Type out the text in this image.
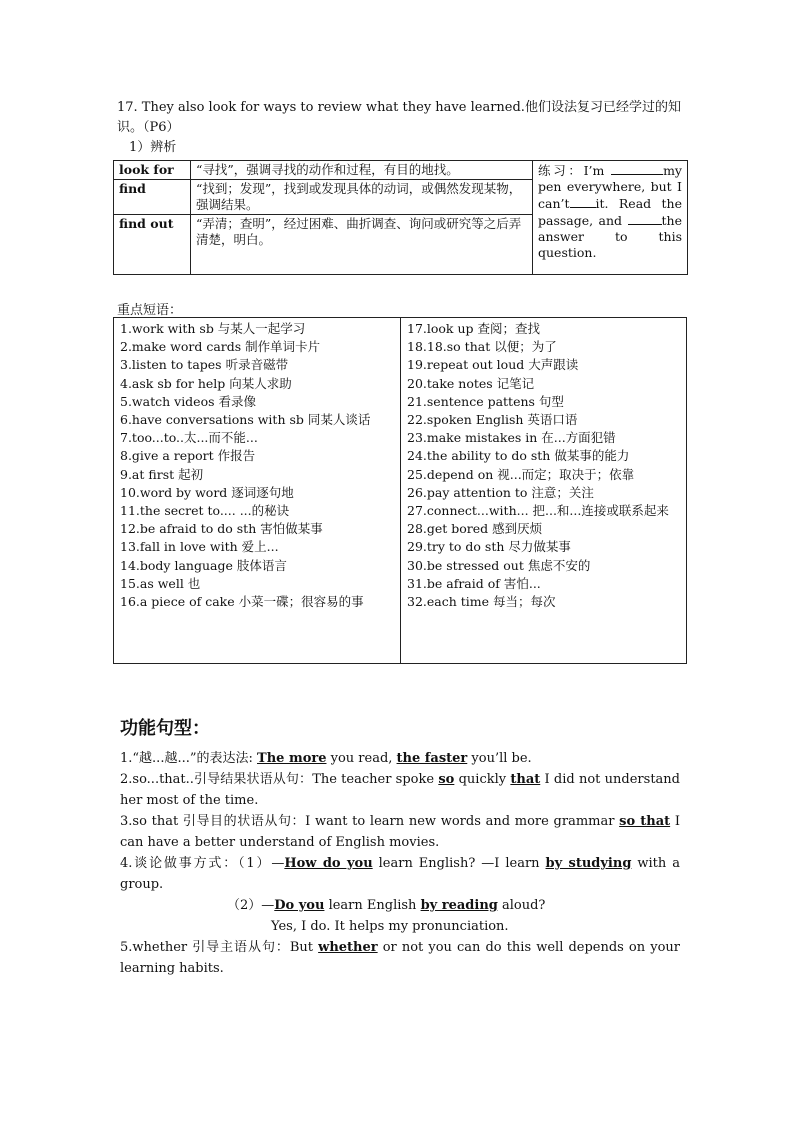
17. They also look for ways to review what they have learned.他们设法复习已经学过的知
识。（P6）
1）辨析
look for	“寻找”，强调寻找的动作和过程，有目的地找。	练习：I’m my pen everywhere, but I can’t it. Read the passage, and the answer to this question.
find	“找到；发现”，找到或发现具体的动词，或偶然发现某物，强调结果。	
find out	“弄清；查明”，经过困难、曲折调查、询问或研究等之后弄清楚，明白。	
重点短语：
1.work with sb 与某人一起学习
2.make word cards 制作单词卡片
3.listen to tapes 听录音磁带
4.ask sb for help 向某人求助
5.watch videos 看录像
6.have conversations with sb 同某人谈话
7.too...to..太...而不能...
8.give a report 作报告
9.at first 起初
10.word by word 逐词逐句地
11.the secret to.... ...的秘诀
12.be afraid to do sth 害怕做某事
13.fall in love with 爱上...
14.body language 肢体语言
15.as well 也
16.a piece of cake 小菜一碟；很容易的事
17.look up 查阅；查找
18.18.so that 以便；为了
19.repeat out loud 大声跟读
20.take notes 记笔记
21.sentence pattens 句型
22.spoken English 英语口语
23.make mistakes in 在...方面犯错
24.the ability to do sth 做某事的能力
25.depend on 视...而定；取决于；依靠
26.pay attention to 注意；关注
27.connect...with... 把...和...连接或联系起来
28.get bored 感到厌烦
29.try to do sth 尽力做某事
30.be stressed out 焦虑不安的
31.be afraid of 害怕...
32.each time 每当；每次
功能句型：

1.“越...越...”的表达法: The more you read, the faster you’ll be.

2.so...that..引导结果状语从句：The teacher spoke so quickly that I did not understand her most of the time.

3.so that 引导目的状语从句：I want to learn new words and more grammar so that I can have a better understand of English movies.

4.谈论做事方式：（1）—How do you learn English? —I learn by studying with a group.

（2）—Do you learn English by reading aloud?

Yes, I do. It helps my pronunciation.

5.whether 引导主语从句：But whether or not you can do this well depends on your learning habits.
